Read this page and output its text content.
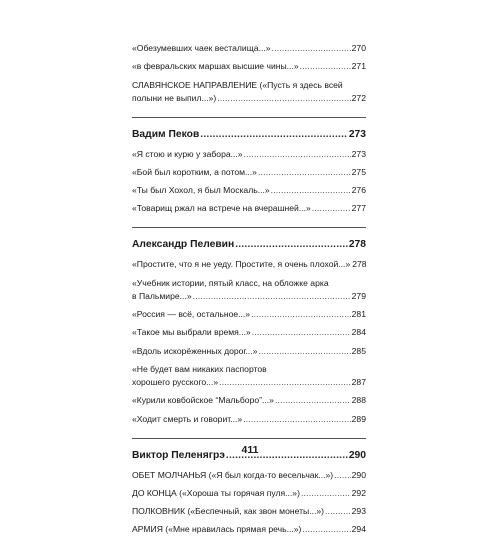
«Обезумевших чаек весталища...» .....	270
«в февральских маршах высшие чины...» .....	271
СЛАВЯНСКОЕ НАПРАВЛЕНИЕ («Пусть я здесь всей
полыни не выпил...») .....	272
Вадим Пеков .....	273
«Я стою и курю у забора...» .....	273
«Бой был коротким, а потом...» .....	275
«Ты был Хохол, я был Москаль...» .....	276
«Товарищ ржал на встрече на вчерашней...» .....	277
Александр Пелевин .....	278
«Простите, что я не уеду. Простите, я очень плохой...» 278
«Учебник истории, пятый класс, на обложке арка
в Пальмире...» .....	279
«Россия — всё, остальное...» .....	281
«Такое мы выбрали время...» .....	284
«Вдоль искорёженных дорог...» .....	285
«Не будет вам никаких паспортов
хорошего русского...» .....	287
«Курили ковбойское “Мальборо”...» .....	288
«Ходит смерть и говорит...» .....	289
Виктор Пеленягрэ .....	290
ОБЕТ МОЛЧАНЬЯ («Я был когда-то весельчак...») ..... 290
ДО КОНЦА («Хороша ты горячая пуля...») .....	292
ПОЛКОВНИК («Беспечный, как звон монеты...») .....	293
АРМИЯ («Мне нравилась прямая речь...») .....	294
411
